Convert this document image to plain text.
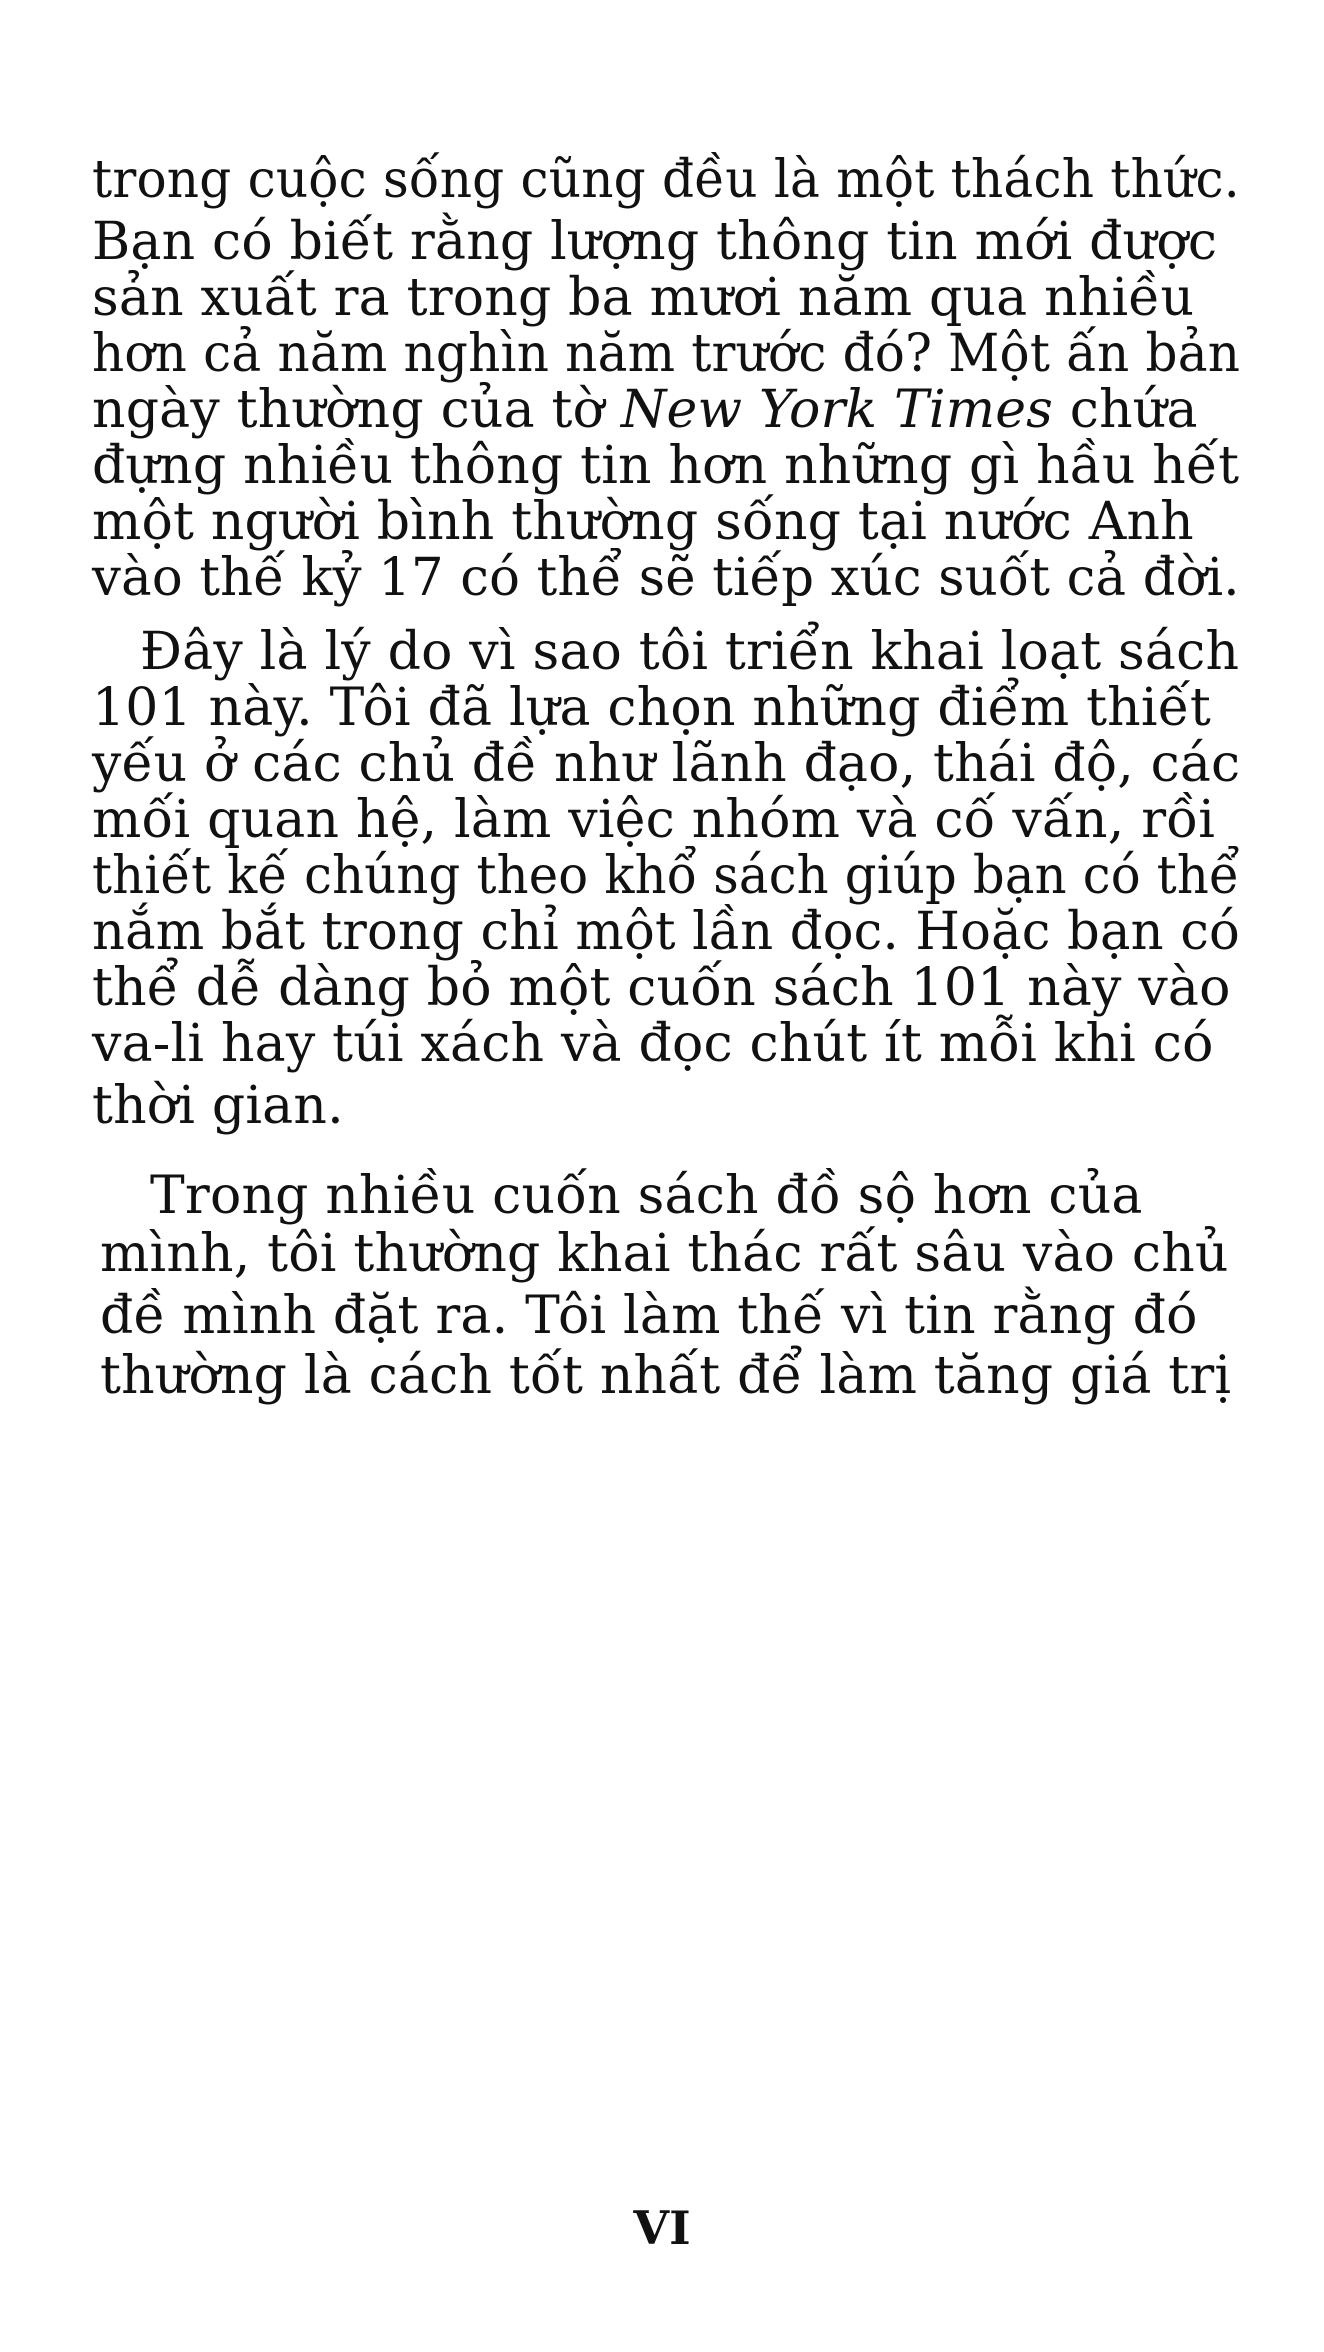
trong cuộc sống cũng đều là một thách thức.
Bạn có biết rằng lượng thông tin mới được
sản xuất ra trong ba mươi năm qua nhiều
hơn cả năm nghìn năm trước đó? Một ấn bản
ngày thường của tờ New York Times chứa
đựng nhiều thông tin hơn những gì hầu hết
một người bình thường sống tại nước Anh
vào thế kỷ 17 có thể sẽ tiếp xúc suốt cả đời.
Đây là lý do vì sao tôi triển khai loạt sách
101 này. Tôi đã lựa chọn những điểm thiết
yếu ở các chủ đề như lãnh đạo, thái độ, các
mối quan hệ, làm việc nhóm và cố vấn, rồi
thiết kế chúng theo khổ sách giúp bạn có thể
nắm bắt trong chỉ một lần đọc. Hoặc bạn có
thể dễ dàng bỏ một cuốn sách 101 này vào
va-li hay túi xách và đọc chút ít mỗi khi có
thời gian.
Trong nhiều cuốn sách đồ sộ hơn của
mình, tôi thường khai thác rất sâu vào chủ
đề mình đặt ra. Tôi làm thế vì tin rằng đó
thường là cách tốt nhất để làm tăng giá trị
VI
